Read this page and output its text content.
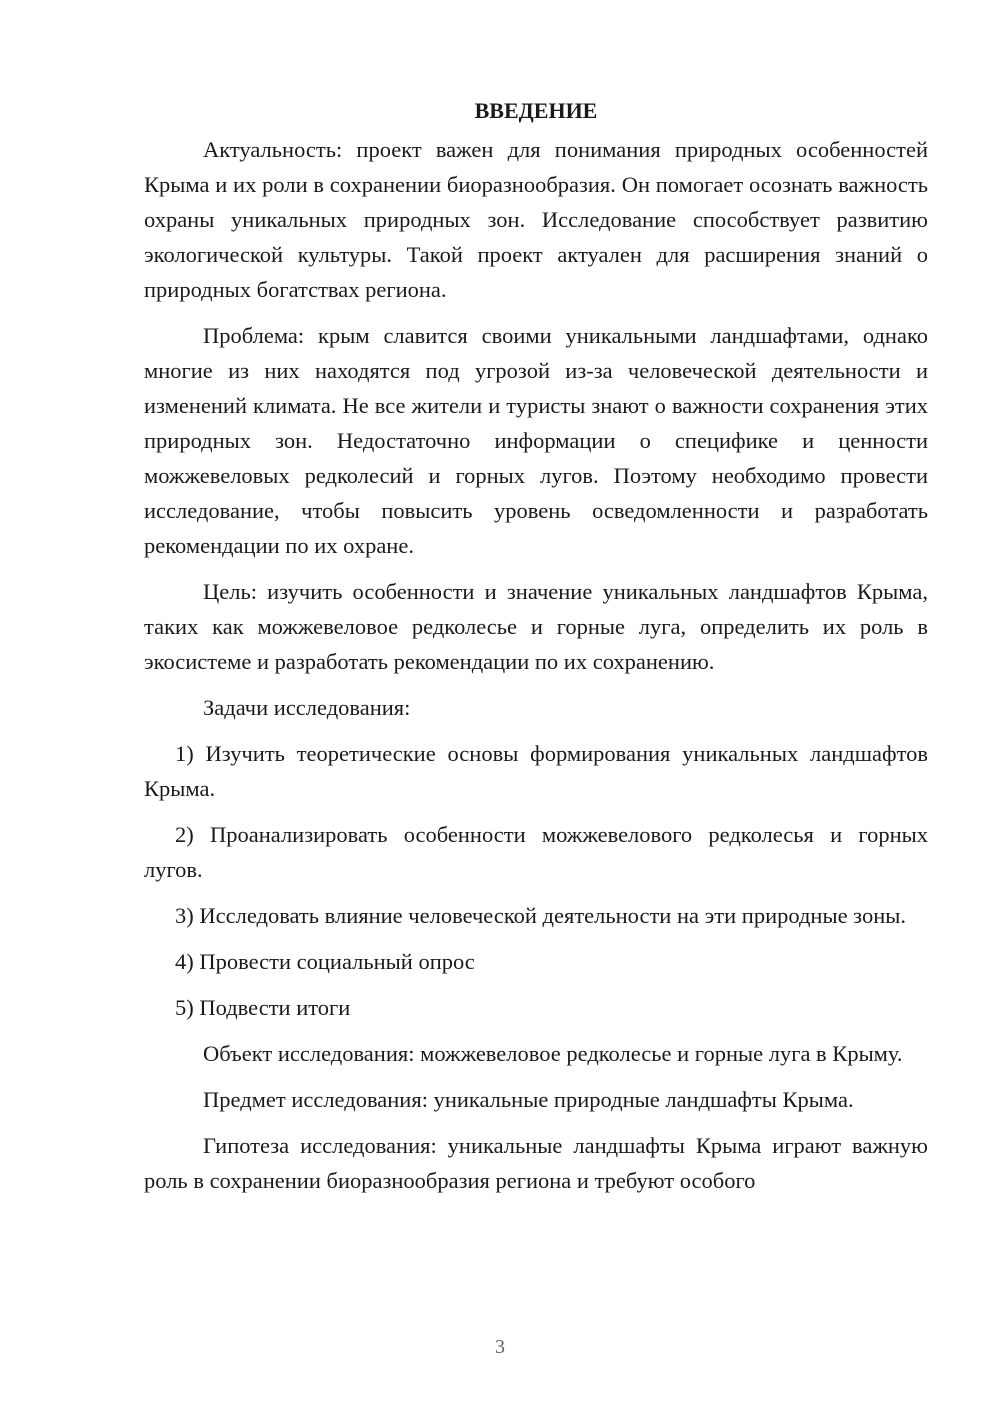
ВВЕДЕНИЕ

Актуальность: проект важен для понимания природных особенностей Крыма и их роли в сохранении биоразнообразия. Он помогает осознать важность охраны уникальных природных зон. Исследование способствует развитию экологической культуры. Такой проект актуален для расширения знаний о природных богатствах региона.

Проблема: крым славится своими уникальными ландшафтами, однако многие из них находятся под угрозой из-за человеческой деятельности и изменений климата. Не все жители и туристы знают о важности сохранения этих природных зон. Недостаточно информации о специфике и ценности можжевеловых редколесий и горных лугов. Поэтому необходимо провести исследование, чтобы повысить уровень осведомленности и разработать рекомендации по их охране.

Цель: изучить особенности и значение уникальных ландшафтов Крыма, таких как можжевеловое редколесье и горные луга, определить их роль в экосистеме и разработать рекомендации по их сохранению.

Задачи исследования:

1) Изучить теоретические основы формирования уникальных ландшафтов Крыма.

2) Проанализировать особенности можжевелового редколесья и горных лугов.

3) Исследовать влияние человеческой деятельности на эти природные зоны.

4) Провести социальный опрос

5) Подвести итоги

Объект исследования: можжевеловое редколесье и горные луга в Крыму.

Предмет исследования: уникальные природные ландшафты Крыма.

Гипотеза исследования: уникальные ландшафты Крыма играют важную роль в сохранении биоразнообразия региона и требуют особого

3
